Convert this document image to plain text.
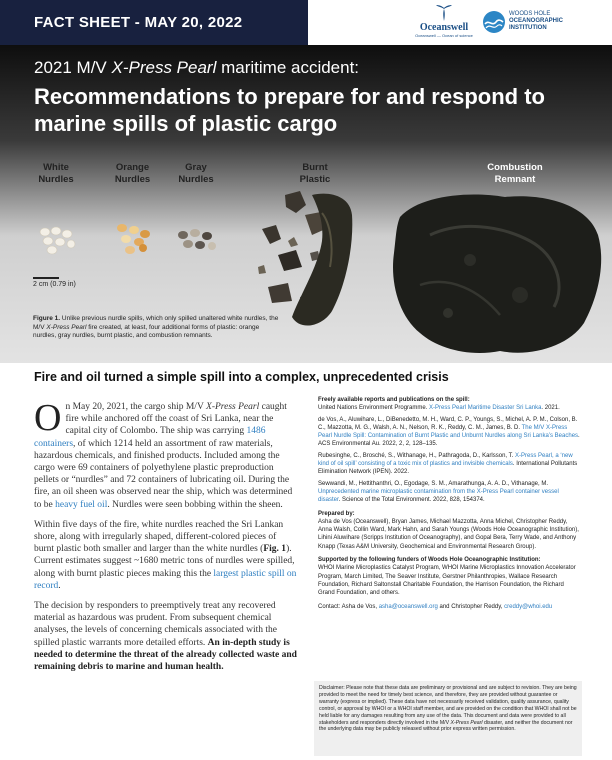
FACT SHEET - MAY 20, 2022	Oceanswell
Oceanswell — Ocean of science
WOODS HOLE
OCEANOGRAPHIC
INSTITUTION
2021 M/V X-Press Pearl maritime accident:
Recommendations to prepare for and respond to marine spills of plastic cargo
White Nurdles
Orange Nurdles
Gray Nurdles
Burnt Plastic
Combustion Remnant
2 cm (0.79 in)
Figure 1. Unlike previous nurdle spills, which only spilled unaltered white nurdles, the M/V X-Press Pearl fire created, at least, four additional forms of plastic: orange nurdles, gray nurdles, burnt plastic, and combustion remnants.
Fire and oil turned a simple spill into a complex, unprecedented crisis

On May 20, 2021, the cargo ship M/V X-Press Pearl caught fire while anchored off the coast of Sri Lanka, near the capital city of Colombo. The ship was carrying 1486 containers, of which 1214 held an assortment of raw materials, hazardous chemicals, and finished products. Included among the cargo were 69 containers of polyethylene plastic preproduction pellets or “nurdles” and 72 containers of lubricating oil. During the fire, an oil sheen was observed near the ship, which was determined to be heavy fuel oil. Nurdles were seen bobbing within the sheen.

Within five days of the fire, white nurdles reached the Sri Lankan shore, along with irregularly shaped, different-colored pieces of burnt plastic both smaller and larger than the white nurdles (Fig. 1). Current estimates suggest ~1680 metric tons of nurdles were spilled, along with burnt plastic pieces making this the largest plastic spill on record.

The decision by responders to preemptively treat any recovered material as hazardous was prudent. From subsequent chemical analyses, the levels of concerning chemicals associated with the spilled plastic warrants more detailed efforts. An in-depth study is needed to determine the threat of the already collected waste and remaining debris to marine and human health.

Freely available reports and publications on the spill:
United Nations Environment Programme. X-Press Pearl Maritime Disaster Sri Lanka. 2021.
de Vos, A., Aluwihare, L., DiBenedetto, M. H., Ward, C. P., Youngs, S., Michel, A. P. M., Colson, B. C., Mazzotta, M. G., Walsh, A. N., Nelson, R. K., Reddy, C. M., James, B. D. The M/V X-Press Pearl Nurdle Spill: Contamination of Burnt Plastic and Unburnt Nurdles along Sri Lanka’s Beaches. ACS Environmental Au. 2022, 2, 2, 128–135.
Rubesinghe, C., Brosché, S., Withanage, H., Pathragoda, D., Karlsson, T. X-Press Pearl, a ‘new kind of oil spill’ consisting of a toxic mix of plastics and invisible chemicals. International Pollutants Elimination Network (IPEN). 2022.
Sewwandi, M., Hettithanthri, O., Egodage, S. M., Amarathunga, A. A. D., Vithanage, M. Unprecedented marine microplastic contamination from the X-Press Pearl container vessel disaster. Science of the Total Environment. 2022, 828, 154374.
Prepared by:
Asha de Vos (Oceanswell), Bryan James, Michael Mazzotta, Anna Michel, Christopher Reddy, Anna Walsh, Collin Ward, Mark Hahn, and Sarah Youngs (Woods Hole Oceanographic Institution), Lihini Aluwihare (Scripps Institution of Oceanography), and Gopal Bera, Terry Wade, and Anthony Knapp (Texas A&M University, Geochemical and Environmental Research Group).
Supported by the following funders of Woods Hole Oceanographic Institution:
WHOI Marine Microplastics Catalyst Program, WHOI Marine Microplastics Innovation Accelerator Program, March Limited, The Seaver Institute, Gerstner Philanthropies, Wallace Research Foundation, Richard Saltonstall Charitable Foundation, the Harrison Foundation, the Richard Grand Foundation, and others.
Contact: Asha de Vos, asha@oceanswell.org and Christopher Reddy, creddy@whoi.edu
Disclaimer: Please note that these data are preliminary or provisional and are subject to revision. They are being provided to meet the need for timely best science, and therefore, they are provided without guarantee or warranty (express or implied). These data have not necessarily received validation, quality assurance, quality control, or approval by WHOI or a WHOI staff member, and are provided on the condition that WHOI shall not be held liable for any damages resulting from any use of the data. This document and data were provided to all stakeholders and responders directly involved in the M/V X-Press Pearl disaster, and neither the document nor the underlying data may be publicly released without prior express written permission.
